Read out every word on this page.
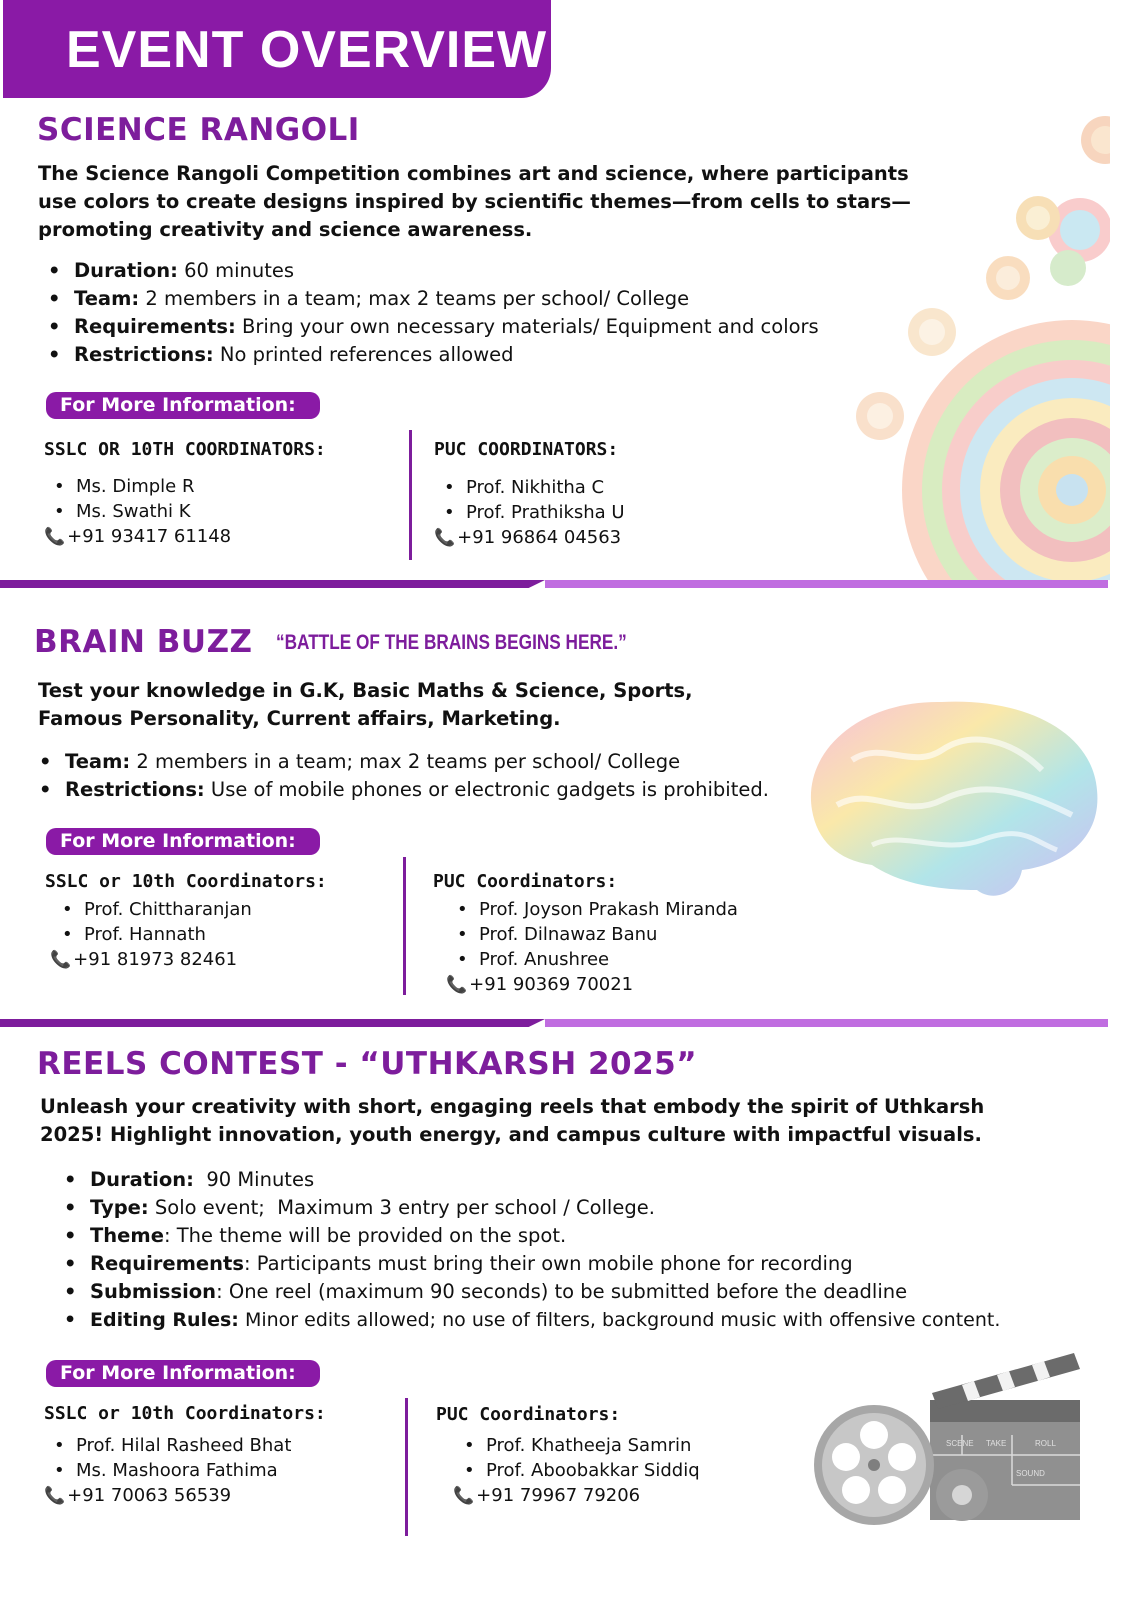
EVENT OVERVIEW
SCIENCE RANGOLI
The Science Rangoli Competition combines art and science, where participants use colors to create designs inspired by scientific themes—from cells to stars—promoting creativity and science awareness.
• Duration: 60 minutes
• Team: 2 members in a team; max 2 teams per school/ College
• Requirements: Bring your own necessary materials/ Equipment and colors
• Restrictions: No printed references allowed
For More Information:
SSLC OR 10TH COORDINATORS:
• Ms. Dimple R
• Ms. Swathi K
📞 +91 93417 61148
PUC COORDINATORS:
• Prof. Nikhitha C
• Prof. Prathiksha U
📞 +91 96864 04563
BRAIN BUZZ “BATTLE OF THE BRAINS BEGINS HERE.”
Test your knowledge in G.K, Basic Maths & Science, Sports,
Famous Personality, Current affairs, Marketing.
• Team: 2 members in a team; max 2 teams per school/ College
• Restrictions: Use of mobile phones or electronic gadgets is prohibited.
For More Information:
SSLC or 10th Coordinators:
• Prof. Chittharanjan
• Prof. Hannath
📞 +91 81973 82461
PUC Coordinators:
• Prof. Joyson Prakash Miranda
• Prof. Dilnawaz Banu
• Prof. Anushree
📞 +91 90369 70021
REELS CONTEST - “UTHKARSH 2025”
Unleash your creativity with short, engaging reels that embody the spirit of Uthkarsh
2025! Highlight innovation, youth energy, and campus culture with impactful visuals.
• Duration:  90 Minutes
• Type: Solo event;  Maximum 3 entry per school / College.
• Theme: The theme will be provided on the spot.
• Requirements: Participants must bring their own mobile phone for recording
• Submission: One reel (maximum 90 seconds) to be submitted before the deadline
• Editing Rules: Minor edits allowed; no use of filters, background music with offensive content.
For More Information:
SSLC or 10th Coordinators:
• Prof. Hilal Rasheed Bhat
• Ms. Mashoora Fathima
📞 +91 70063 56539
PUC Coordinators:
• Prof. Khatheeja Samrin
• Prof. Aboobakkar Siddiq
📞 +91 79967 79206
SCENE TAKE	ROLL
SOUND
